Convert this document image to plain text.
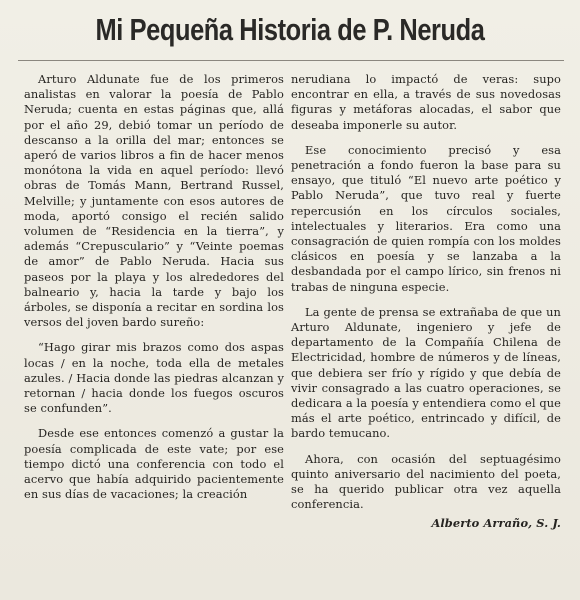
Mi Pequeña Historia de P. Neruda

Arturo Aldunate fue de los primeros analistas en valorar la poesía de Pablo Neruda; cuenta en estas páginas que, allá por el año 29, debió tomar un período de descanso a la orilla del mar; entonces se aperó de varios libros a fin de hacer menos monótona la vida en aquel período: llevó obras de Tomás Mann, Bertrand Russel, Melville; y juntamente con esos autores de moda, aportó consigo el recién salido volumen de “Residencia en la tierra”, y además “Crepusculario” y “Veinte poemas de amor” de Pablo Neruda. Hacia sus paseos por la playa y los alrededores del balneario y, hacia la tarde y bajo los árboles, se disponía a recitar en sordina los versos del joven bardo sureño:

“Hago girar mis brazos como dos aspas locas / en la noche, toda ella de metales azules. / Hacia donde las piedras alcanzan y retornan / hacia donde los fuegos oscuros se confunden”.

Desde ese entonces comenzó a gustar la poesía complicada de este vate; por ese tiempo dictó una conferencia con todo el acervo que había adquirido pacientemente en sus días de vacaciones; la creación

nerudiana lo impactó de veras: supo encontrar en ella, a través de sus novedosas figuras y metáforas alocadas, el sabor que deseaba imponerle su autor.

Ese conocimiento precisó y esa penetración a fondo fueron la base para su ensayo, que tituló “El nuevo arte poético y Pablo Neruda”, que tuvo real y fuerte repercusión en los círculos sociales, intelectuales y literarios. Era como una consagración de quien rompía con los moldes clásicos en poesía y se lanzaba a la desbandada por el campo lírico, sin frenos ni trabas de ninguna especie.

La gente de prensa se extrañaba de que un Arturo Aldunate, ingeniero y jefe de departamento de la Compañía Chilena de Electricidad, hombre de números y de líneas, que debiera ser frío y rígido y que debía de vivir consagrado a las cuatro operaciones, se dedicara a la poesía y entendiera como el que más el arte poético, entrincado y difícil, de bardo temucano.

Ahora, con ocasión del septuagésimo quinto aniversario del nacimiento del poeta, se ha querido publicar otra vez aquella conferencia.

Alberto Arraño, S. J.
